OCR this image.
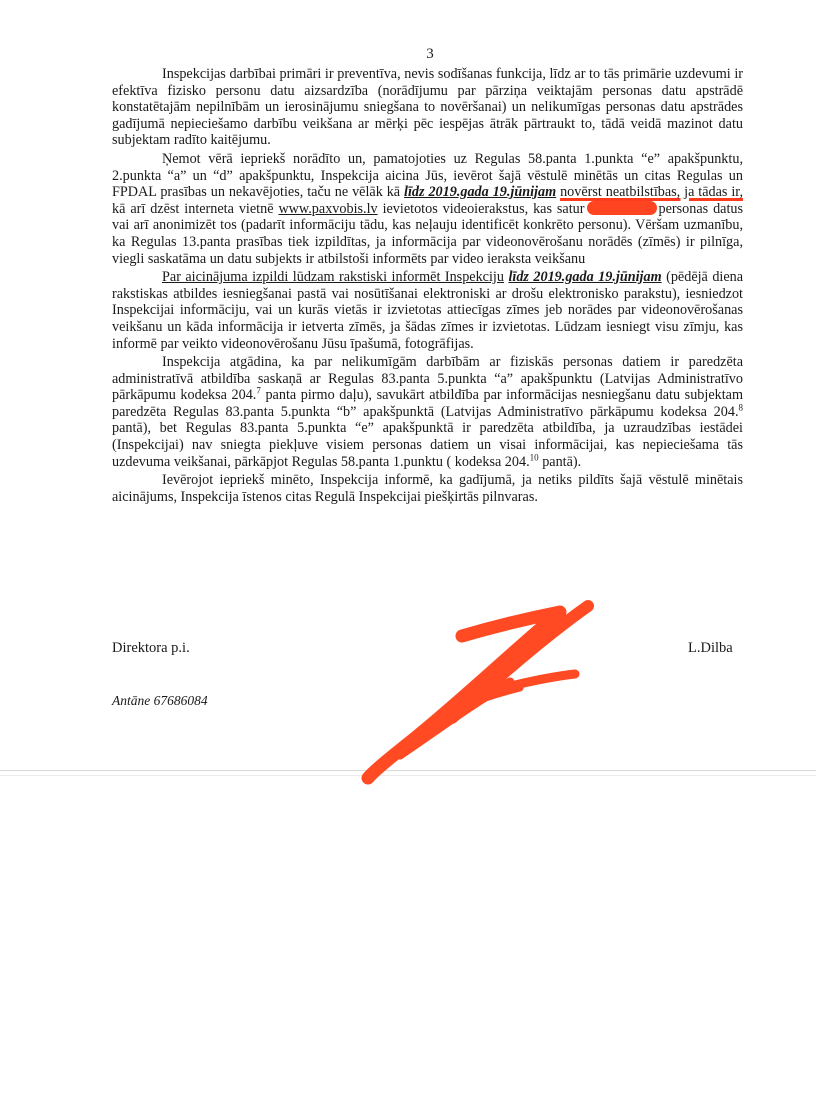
3

Inspekcijas darbībai primāri ir preventīva, nevis sodīšanas funkcija, līdz ar to tās primārie uzdevumi ir efektīva fizisko personu datu aizsardzība (norādījumu par pārziņa veiktajām personas datu apstrādē konstatētajām nepilnībām un ierosinājumu sniegšana to novēršanai) un nelikumīgas personas datu apstrādes gadījumā nepieciešamo darbību veikšana ar mērķi pēc iespējas ātrāk pārtraukt to, tādā veidā mazinot datu subjektam radīto kaitējumu.

Ņemot vērā iepriekš norādīto un, pamatojoties uz Regulas 58.panta 1.punkta “e” apakšpunktu, 2.punkta “a” un “d” apakšpunktu, Inspekcija aicina Jūs, ievērot šajā vēstulē minētās un citas Regulas un FPDAL prasības un nekavējoties, taču ne vēlāk kā līdz 2019.gada 19.jūnijam novērst neatbilstības, ja tādas ir, kā arī dzēst interneta vietnē www.paxvobis.lv ievietotos videoierakstus, kas satur	personas datus vai arī anonimizēt tos (padarīt informāciju tādu, kas neļauju identificēt konkrēto personu). Vēršam uzmanību, ka Regulas 13.panta prasības tiek izpildītas, ja informācija par videonovērošanu norādēs (zīmēs) ir pilnīga, viegli saskatāma un datu subjekts ir atbilstoši informēts par video ieraksta veikšanu

Par aicinājuma izpildi lūdzam rakstiski informēt Inspekciju līdz 2019.gada 19.jūnijam (pēdējā diena rakstiskas atbildes iesniegšanai pastā vai nosūtīšanai elektroniski ar drošu elektronisko parakstu), iesniedzot Inspekcijai informāciju, vai un kurās vietās ir izvietotas attiecīgas zīmes jeb norādes par videonovērošanas veikšanu un kāda informācija ir ietverta zīmēs, ja šādas zīmes ir izvietotas. Lūdzam iesniegt visu zīmju, kas informē par veikto videonovērošanu Jūsu īpašumā, fotogrāfijas.

Inspekcija atgādina, ka par nelikumīgām darbībām ar fiziskās personas datiem ir paredzēta administratīvā atbildība saskaņā ar Regulas 83.panta 5.punkta “a” apakšpunktu (Latvijas Administratīvo pārkāpumu kodeksa 204.$^7$ panta pirmo daļu), savukārt atbildība par informācijas nesniegšanu datu subjektam paredzēta Regulas 83.panta 5.punkta “b” apakšpunktā (Latvijas Administratīvo pārkāpumu kodeksa 204.$^8$ pantā), bet Regulas 83.panta 5.punkta “e” apakšpunktā ir paredzēta atbildība, ja uzraudzības iestādei (Inspekcijai) nav sniegta piekļuve visiem personas datiem un visai informācijai, kas nepieciešama tās uzdevuma veikšanai, pārkāpjot Regulas 58.panta 1.punktu ( kodeksa 204.10 pantā).

Ievērojot iepriekš minēto, Inspekcija informē, ka gadījumā, ja netiks pildīts šajā vēstulē minētais aicinājums, Inspekcija īstenos citas Regulā Inspekcijai piešķirtās pilnvaras.

Direktora p.i.	L.Dilba
Antāne 67686084
